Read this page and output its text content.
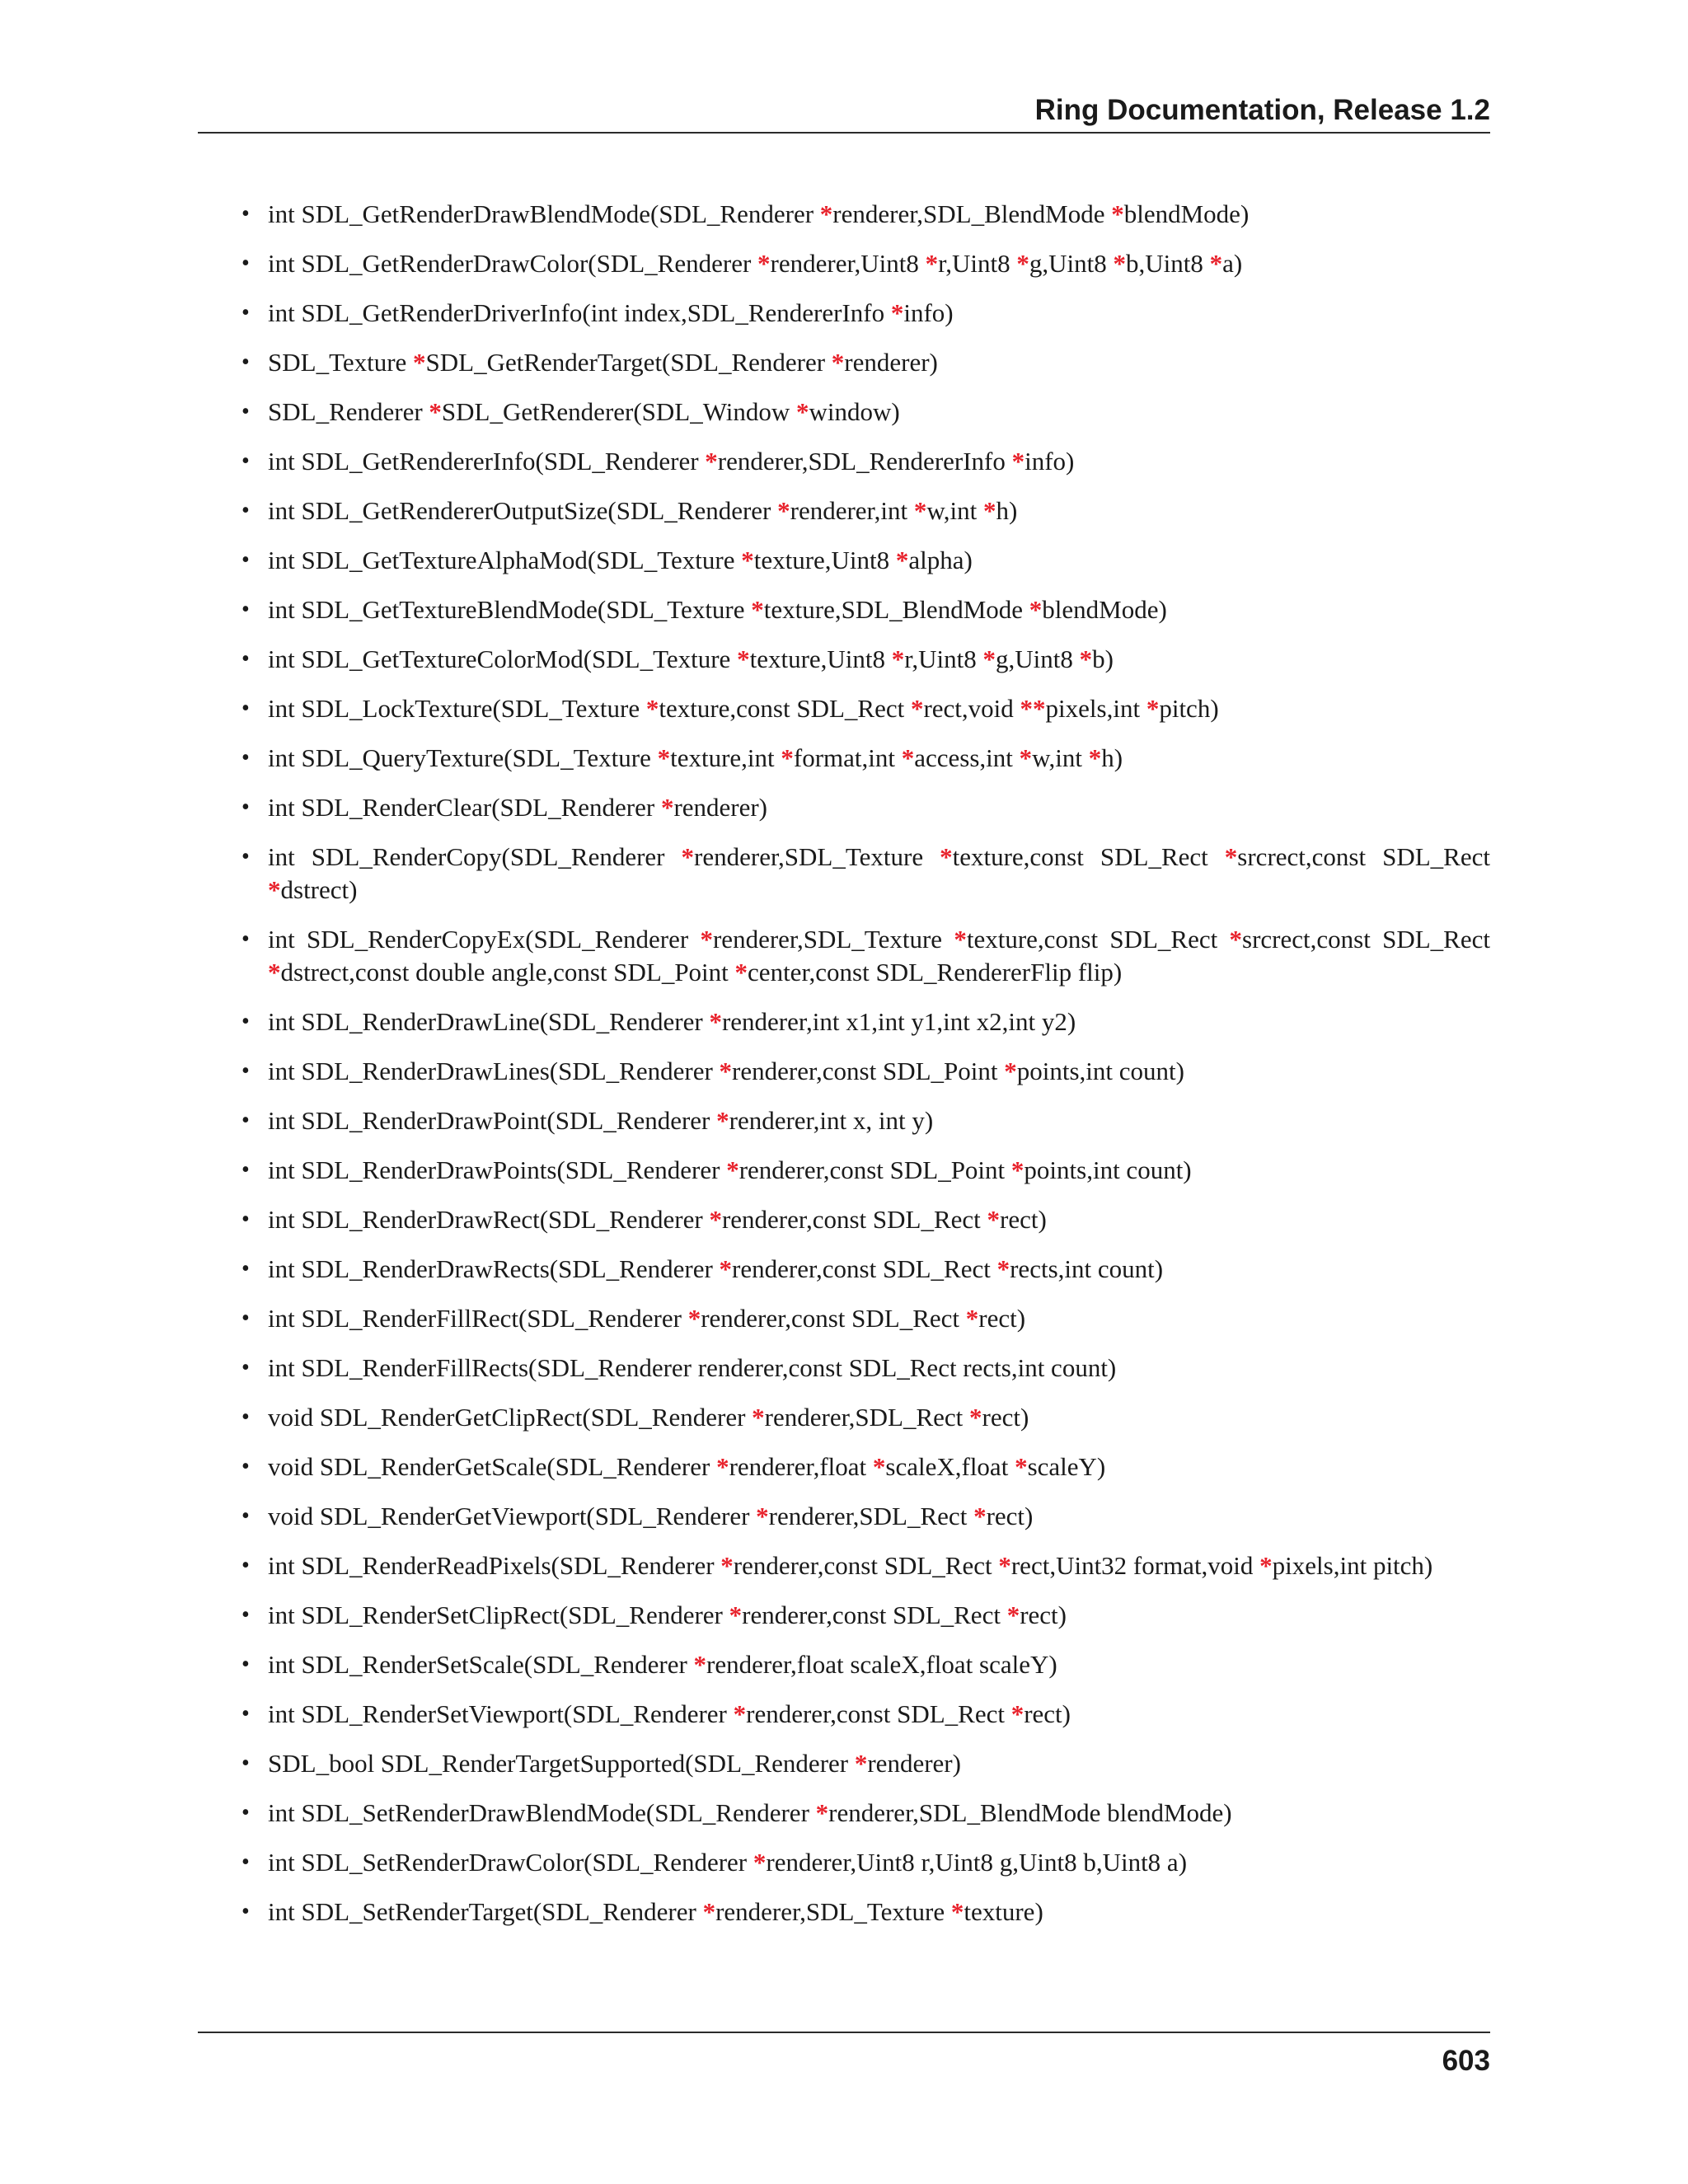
Ring Documentation, Release 1.2
• int SDL_GetRenderDrawBlendMode(SDL_Renderer *renderer,SDL_BlendMode *blendMode)
• int SDL_GetRenderDrawColor(SDL_Renderer *renderer,Uint8 *r,Uint8 *g,Uint8 *b,Uint8 *a)
• int SDL_GetRenderDriverInfo(int index,SDL_RendererInfo *info)
• SDL_Texture *SDL_GetRenderTarget(SDL_Renderer *renderer)
• SDL_Renderer *SDL_GetRenderer(SDL_Window *window)
• int SDL_GetRendererInfo(SDL_Renderer *renderer,SDL_RendererInfo *info)
• int SDL_GetRendererOutputSize(SDL_Renderer *renderer,int *w,int *h)
• int SDL_GetTextureAlphaMod(SDL_Texture *texture,Uint8 *alpha)
• int SDL_GetTextureBlendMode(SDL_Texture *texture,SDL_BlendMode *blendMode)
• int SDL_GetTextureColorMod(SDL_Texture *texture,Uint8 *r,Uint8 *g,Uint8 *b)
• int SDL_LockTexture(SDL_Texture *texture,const SDL_Rect *rect,void **pixels,int *pitch)
• int SDL_QueryTexture(SDL_Texture *texture,int *format,int *access,int *w,int *h)
• int SDL_RenderClear(SDL_Renderer *renderer)
• int SDL_RenderCopy(SDL_Renderer *renderer,SDL_Texture *texture,const SDL_Rect *srcrect,const SDL_Rect *dstrect)
• int SDL_RenderCopyEx(SDL_Renderer *renderer,SDL_Texture *texture,const SDL_Rect *srcrect,const SDL_Rect *dstrect,const double angle,const SDL_Point *center,const SDL_RendererFlip flip)
• int SDL_RenderDrawLine(SDL_Renderer *renderer,int x1,int y1,int x2,int y2)
• int SDL_RenderDrawLines(SDL_Renderer *renderer,const SDL_Point *points,int count)
• int SDL_RenderDrawPoint(SDL_Renderer *renderer,int x, int y)
• int SDL_RenderDrawPoints(SDL_Renderer *renderer,const SDL_Point *points,int count)
• int SDL_RenderDrawRect(SDL_Renderer *renderer,const SDL_Rect *rect)
• int SDL_RenderDrawRects(SDL_Renderer *renderer,const SDL_Rect *rects,int count)
• int SDL_RenderFillRect(SDL_Renderer *renderer,const SDL_Rect *rect)
• int SDL_RenderFillRects(SDL_Renderer renderer,const SDL_Rect rects,int count)
• void SDL_RenderGetClipRect(SDL_Renderer *renderer,SDL_Rect *rect)
• void SDL_RenderGetScale(SDL_Renderer *renderer,float *scaleX,float *scaleY)
• void SDL_RenderGetViewport(SDL_Renderer *renderer,SDL_Rect *rect)
• int SDL_RenderReadPixels(SDL_Renderer *renderer,const SDL_Rect *rect,Uint32 format,void *pixels,int pitch)
• int SDL_RenderSetClipRect(SDL_Renderer *renderer,const SDL_Rect *rect)
• int SDL_RenderSetScale(SDL_Renderer *renderer,float scaleX,float scaleY)
• int SDL_RenderSetViewport(SDL_Renderer *renderer,const SDL_Rect *rect)
• SDL_bool SDL_RenderTargetSupported(SDL_Renderer *renderer)
• int SDL_SetRenderDrawBlendMode(SDL_Renderer *renderer,SDL_BlendMode blendMode)
• int SDL_SetRenderDrawColor(SDL_Renderer *renderer,Uint8 r,Uint8 g,Uint8 b,Uint8 a)
• int SDL_SetRenderTarget(SDL_Renderer *renderer,SDL_Texture *texture)
603
